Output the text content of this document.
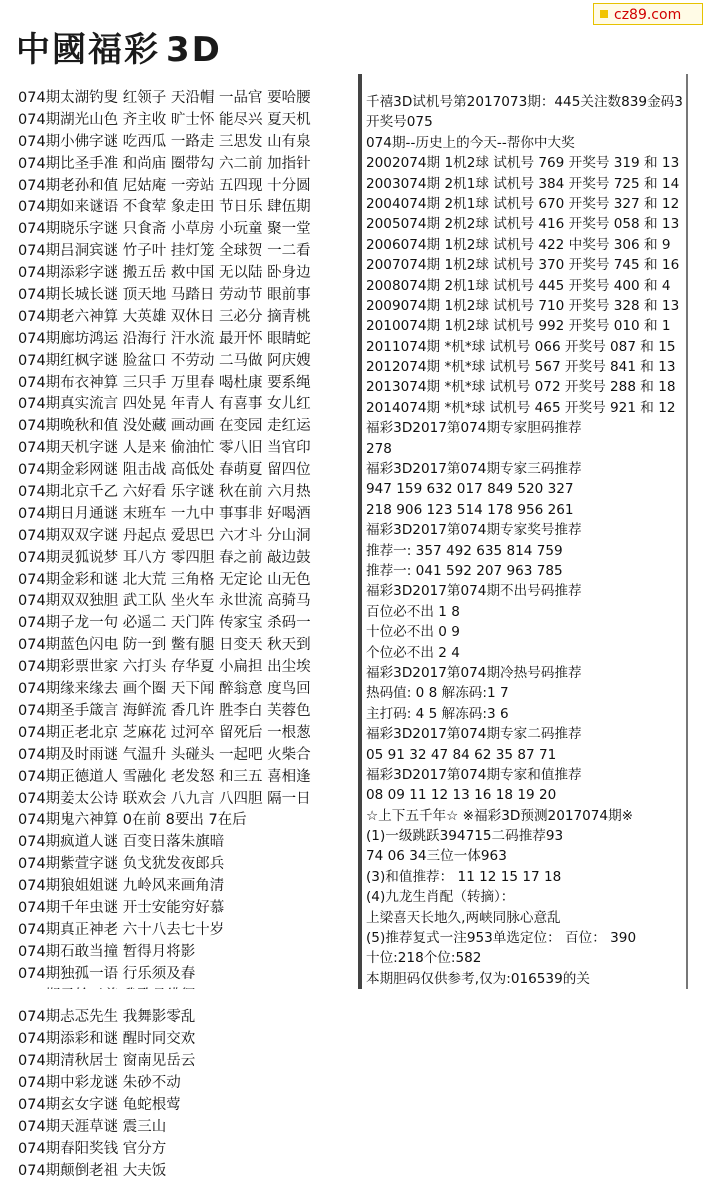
中國福彩 3D
cz89.com
074期太湖钓叟 红领子 天沿帽 一品官 要哈腰
074期湖光山色 齐主收 旷士怀 能尽兴 夏天机
074期小佛字谜 吃西瓜 一路走 三思发 山有泉
074期比圣手准 和尚庙 圈带勾 六二前 加指针
074期老孙和值 尼姑庵 一旁站 五四现 十分圆
074期如来谜语 不食荤 象走田 节日乐 肆伍期
074期晓乐字谜 只食斋 小草房 小玩童 聚一堂
074期吕洞宾谜 竹子叶 挂灯笼 全球贺 一二看
074期添彩字谜 搬五岳 救中国 无以陆 卧身边
074期长城长谜 顶天地 马踏日 劳动节 眼前事
074期老六神算 大英雄 双休日 三必分 摘青桃
074期廊坊鸿运 沿海行 汗水流 最开怀 眼睛蛇
074期红枫字谜 脸盆口 不劳动 二马做 阿庆嫂
074期布衣神算 三只手 万里春 喝杜康 要系绳
074期真实流言 四处晃 年青人 有喜事 女儿红
074期晚秋和值 没处藏 画动画 在变园 走红运
074期天机字谜 人是来 偷油忙 零八旧 当官印
074期金彩网谜 阻击战 高低处 春萌夏 留四位
074期北京千乙 六好看 乐字谜 秋在前 六月热
074期日月通谜 末班车 一九中 事事非 好喝酒
074期双双字谜 丹起点 爱思巴 六才斗 分山洞
074期灵狐说梦 耳八方 零四胆 春之前 敲边鼓
074期金彩和谜 北大荒 三角格 无定论 山无色
074期双双独胆 武工队 坐火车 永世流 高骑马
074期子龙一句 必遥二 天门阵 传家宝 杀码一
074期蓝色闪电 防一到 鳖有腿 日变天 秋天到
074期彩票世家 六打头 存华夏 小扁担 出尘埃
074期缘来缘去 画个圈 天下闻 醉翁意 度鸟回
074期圣手箴言 海鲜流 香几许 胜李白 芙蓉色
074期正老北京 芝麻花 过河卒 留死后 一根葱
074期及时雨谜 气温升 头碰头 一起吧 火柴合
074期正德道人 雪融化 老发怒 和三五 喜相逢
074期姜太公诗 联欢会 八九言 八四胆 隔一日
074期鬼六神算 0在前 8要出 7在后
074期疯道人谜 百变日落朱旗暗
074期紫萱字谜 负戈犹发夜郎兵
074期狼姐姐谜 九岭风来画角清
074期千年虫谜 开士安能穷好慕
074期真正神老 六十八去七十岁
074期石敢当撞 暂得月将影
074期独孤一语 行乐须及春
074期忐忑先生 我舞影零乱
074期添彩和谜 醒时同交欢
074期清秋居士 窗南见岳云
074期中彩龙谜 朱砂不动
074期玄女字谜 龟蛇根莺
074期天涯草谜 震三山
074期春阳奖钱 官分方
074期颠倒老祖 大夫饭
千禧3D试机号第2017073期：445关注数839金码3
开奖号075
074期--历史上的今天--帮你中大奖
2002074期 1机2球 试机号 769 开奖号 319 和 13
2003074期 2机1球 试机号 384 开奖号 725 和 14
2004074期 2机1球 试机号 670 开奖号 327 和 12
2005074期 2机2球 试机号 416 开奖号 058 和 13
2006074期 1机2球 试机号 422 中奖号 306 和 9
2007074期 1机2球 试机号 370 开奖号 745 和 16
2008074期 2机1球 试机号 445 开奖号 400 和 4
2009074期 1机2球 试机号 710 开奖号 328 和 13
2010074期 1机2球 试机号 992 开奖号 010 和 1
2011074期 *机*球 试机号 066 开奖号 087 和 15
2012074期 *机*球 试机号 567 开奖号 841 和 13
2013074期 *机*球 试机号 072 开奖号 288 和 18
2014074期 *机*球 试机号 465 开奖号 921 和 12
福彩3D2017第074期专家胆码推荐
278
福彩3D2017第074期专家三码推荐
947 159 632 017 849 520 327
218 906 123 514 178 956 261
福彩3D2017第074期专家奖号推荐
推荐一: 357 492 635 814 759
推荐一: 041 592 207 963 785
福彩3D2017第074期不出号码推荐
百位必不出 1 8
十位必不出 0 9
个位必不出 2 4
福彩3D2017第074期冷热号码推荐
热码值: 0 8 解冻码:1 7
主打码: 4 5 解冻码:3 6
福彩3D2017第074期专家二码推荐
05 91 32 47 84 62 35 87 71
福彩3D2017第074期专家和值推荐
08 09 11 12 13 16 18 19 20
☆上下五千年☆ ※福彩3D预测2017074期※
(1)一级跳跃394715二码推荐93
74 06 34三位一体963
(3)和值推荐： 11 12 15 17 18
(4)九龙生肖配（转摘）：
上梁喜天长地久,两峡同脉心意乱
(5)推荐复式一注953单选定位： 百位： 390
十位:218个位:582
本期胆码仅供参考,仅为:016539的关
